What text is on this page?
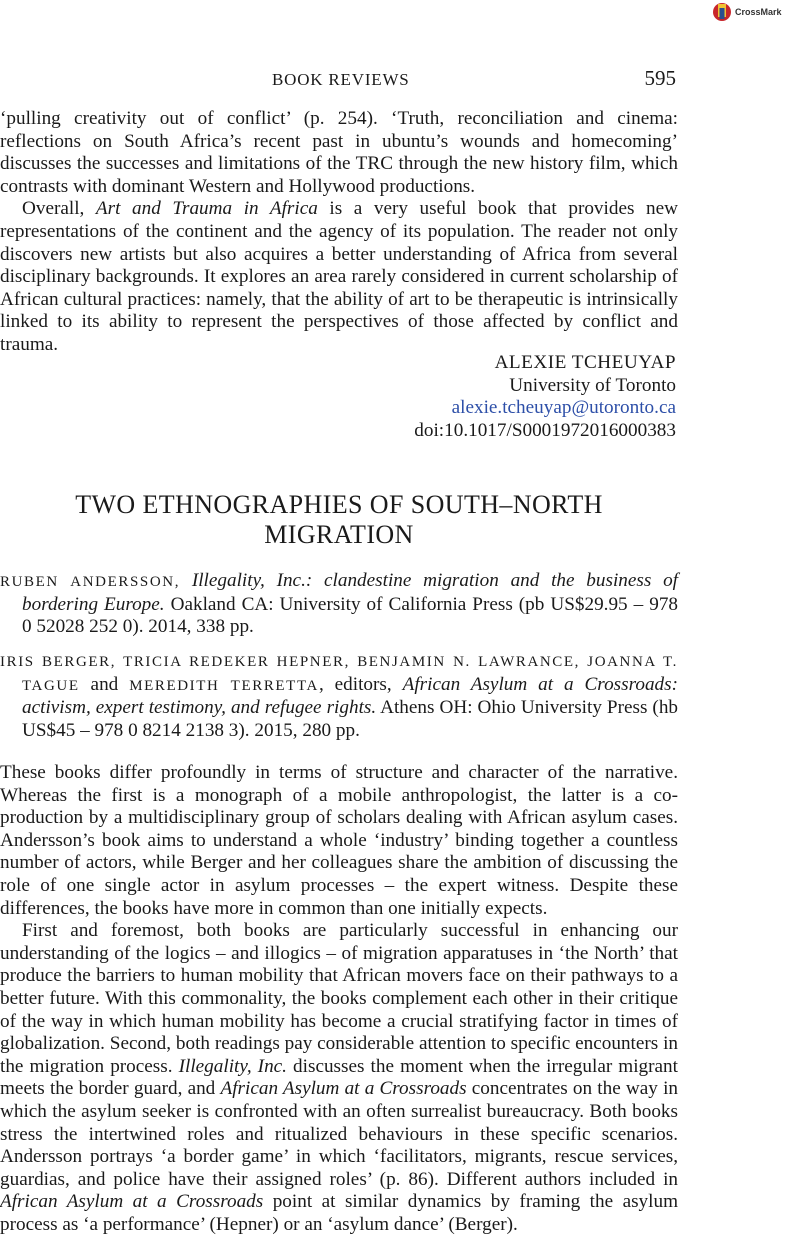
CrossMark
BOOK REVIEWS	595

‘pulling creativity out of conflict’ (p. 254). ‘Truth, reconciliation and cinema: reflections on South Africa’s recent past in ubuntu’s wounds and homecoming’ discusses the successes and limitations of the TRC through the new history film, which contrasts with dominant Western and Hollywood productions.

Overall, Art and Trauma in Africa is a very useful book that provides new representations of the continent and the agency of its population. The reader not only discovers new artists but also acquires a better understanding of Africa from several disciplinary backgrounds. It explores an area rarely considered in current scholarship of African cultural practices: namely, that the ability of art to be therapeutic is intrinsically linked to its ability to represent the perspectives of those affected by conflict and trauma.

ALEXIE TCHEUYAP
University of Toronto
alexie.tcheuyap@utoronto.ca
doi:10.1017/S0001972016000383
TWO ETHNOGRAPHIES OF SOUTH–NORTH MIGRATION
RUBEN ANDERSSON, Illegality, Inc.: clandestine migration and the business of bordering Europe. Oakland CA: University of California Press (pb US$29.95 – 978 0 52028 252 0). 2014, 338 pp.
IRIS BERGER, TRICIA REDEKER HEPNER, BENJAMIN N. LAWRANCE, JOANNA T. TAGUE and MEREDITH TERRETTA, editors, African Asylum at a Crossroads: activism, expert testimony, and refugee rights. Athens OH: Ohio University Press (hb US$45 – 978 0 8214 2138 3). 2015, 280 pp.

These books differ profoundly in terms of structure and character of the narrative. Whereas the first is a monograph of a mobile anthropologist, the latter is a co-production by a multidisciplinary group of scholars dealing with African asylum cases. Andersson’s book aims to understand a whole ‘industry’ binding together a countless number of actors, while Berger and her colleagues share the ambition of discussing the role of one single actor in asylum processes – the expert witness. Despite these differences, the books have more in common than one initially expects.

First and foremost, both books are particularly successful in enhancing our understanding of the logics – and illogics – of migration apparatuses in ‘the North’ that produce the barriers to human mobility that African movers face on their pathways to a better future. With this commonality, the books complement each other in their critique of the way in which human mobility has become a crucial stratifying factor in times of globalization. Second, both readings pay considerable attention to specific encounters in the migration process. Illegality, Inc. discusses the moment when the irregular migrant meets the border guard, and African Asylum at a Crossroads concentrates on the way in which the asylum seeker is confronted with an often surrealist bureaucracy. Both books stress the intertwined roles and ritualized behaviours in these specific scenarios. Andersson portrays ‘a border game’ in which ‘facilitators, migrants, rescue services, guardias, and police have their assigned roles’ (p. 86). Different authors included in African Asylum at a Crossroads point at similar dynamics by framing the asylum process as ‘a performance’ (Hepner) or an ‘asylum dance’ (Berger).
